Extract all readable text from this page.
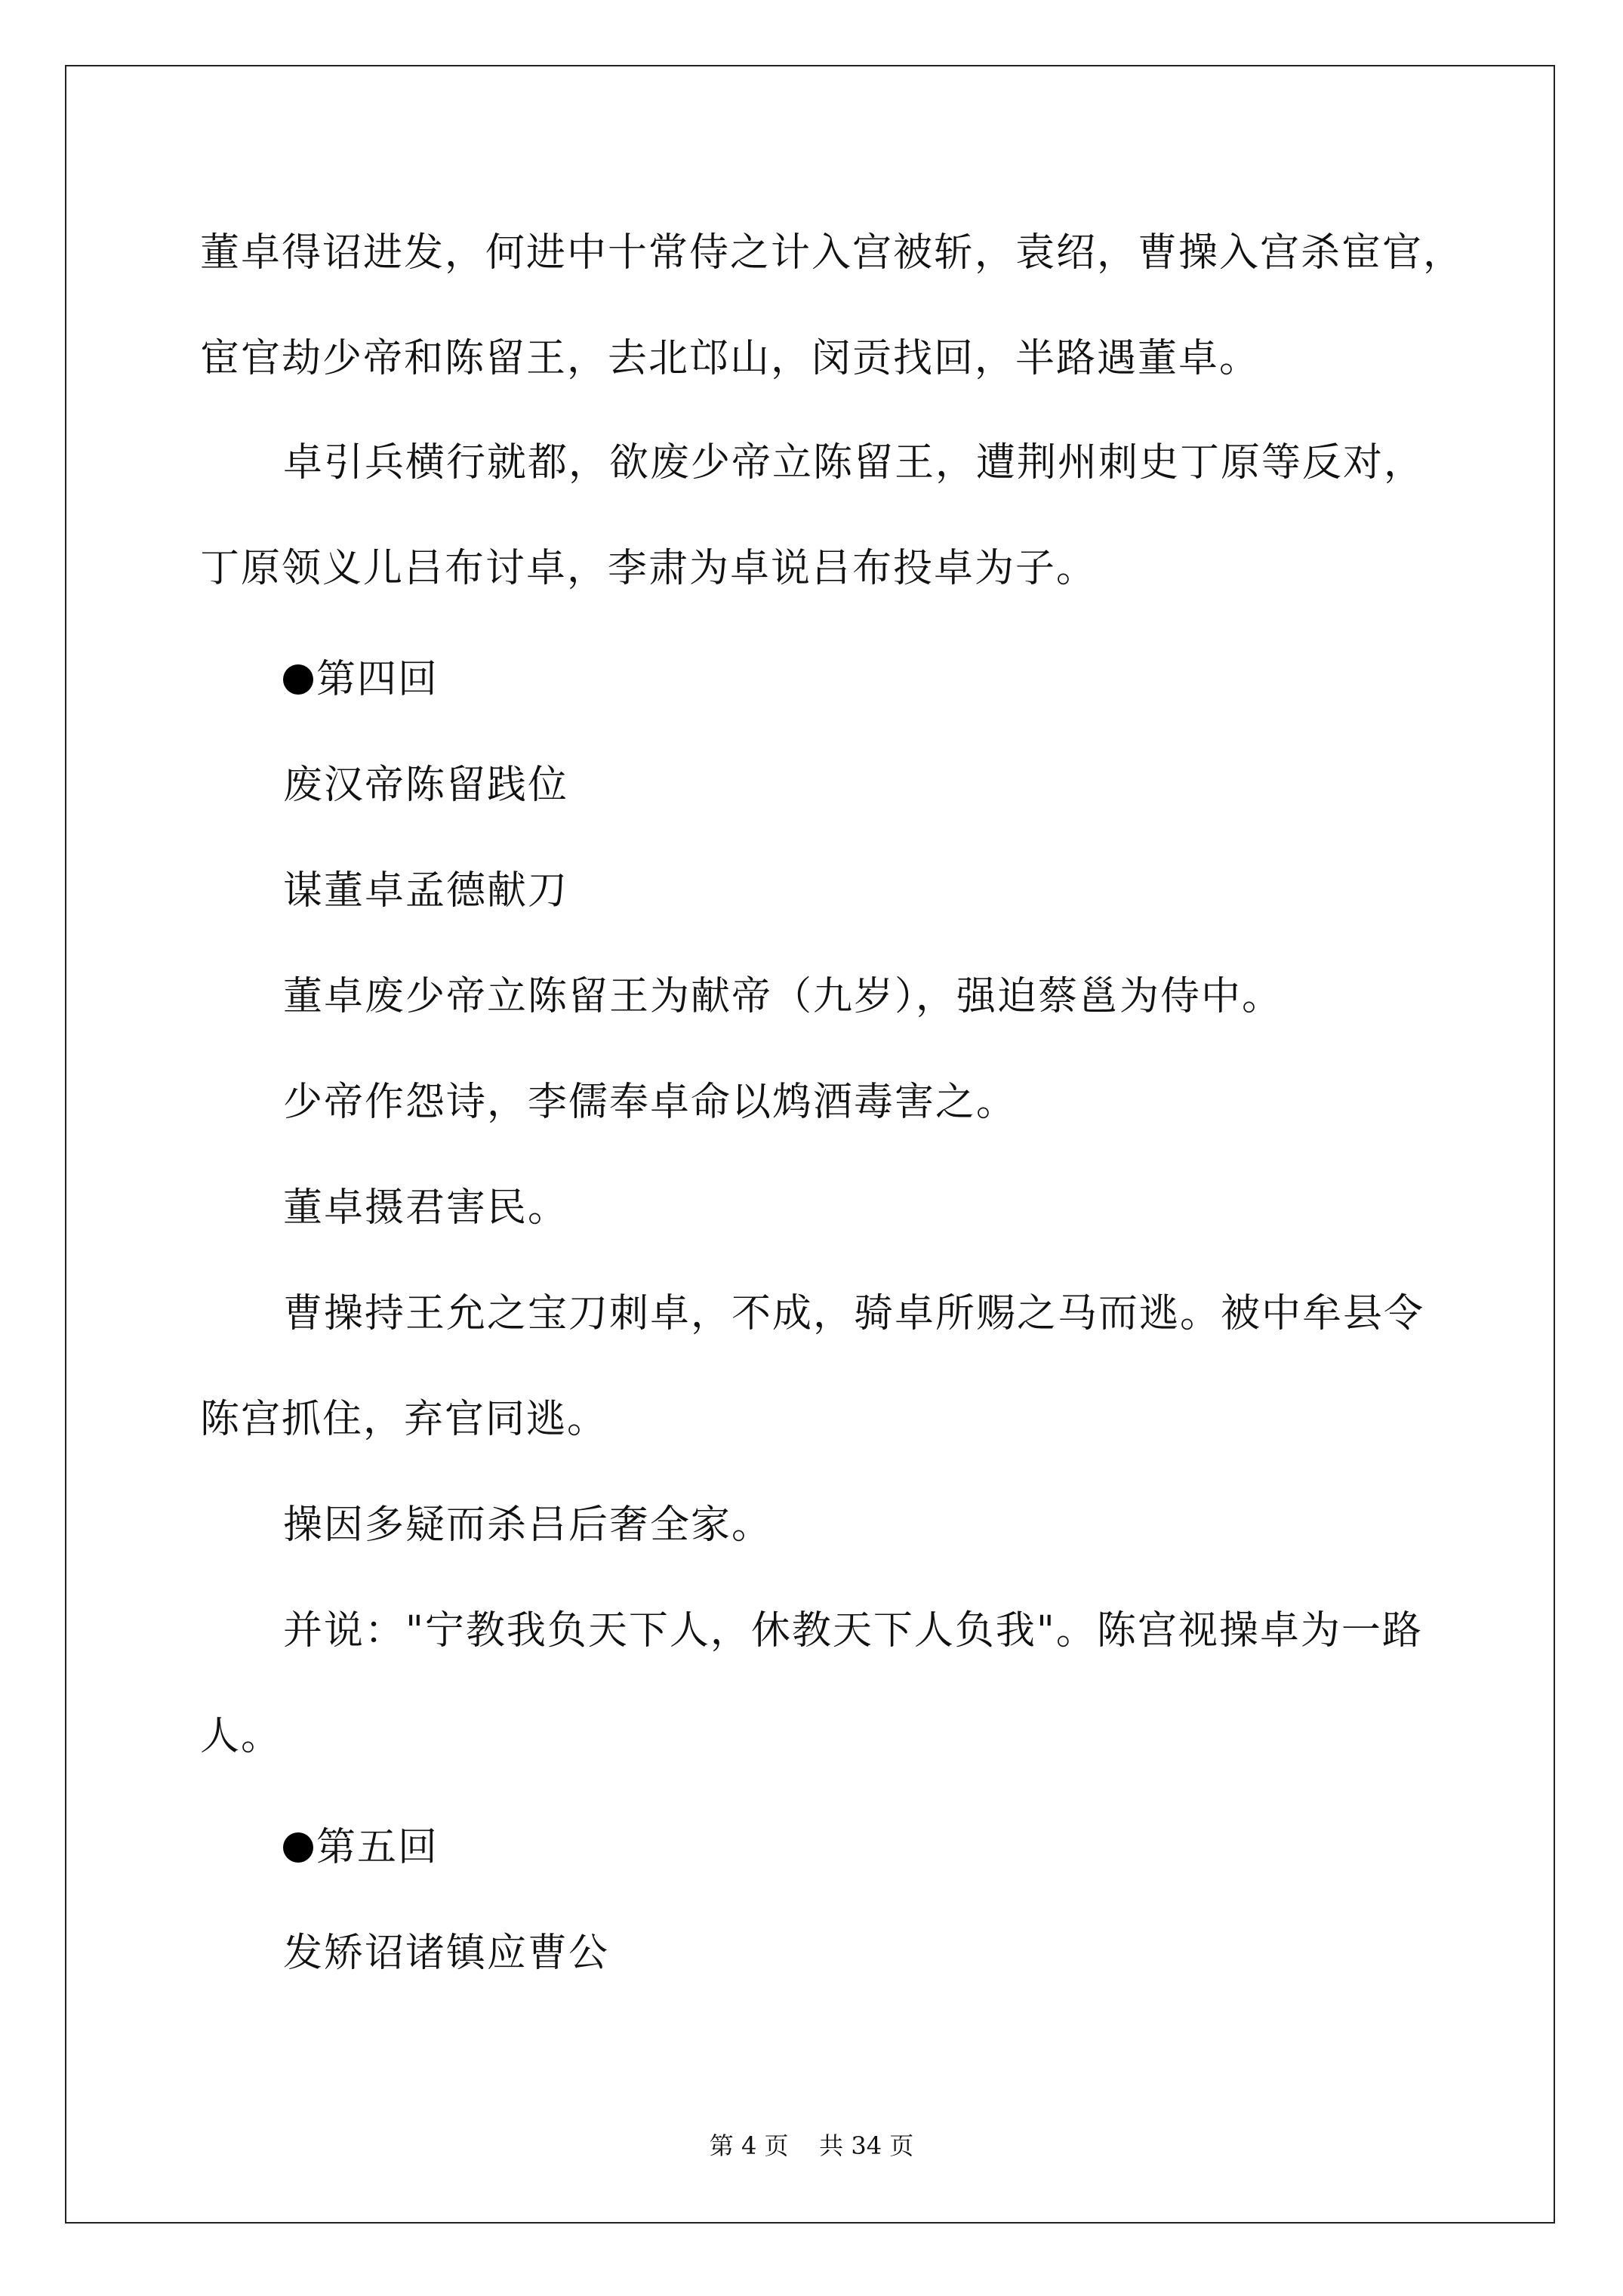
董卓得诏进发，何进中十常侍之计入宫被斩，袁绍，曹操入宫杀宦官，
宦官劫少帝和陈留王，去北邙山，闵贡找回，半路遇董卓。
卓引兵横行就都，欲废少帝立陈留王，遭荆州刺史丁原等反对，
丁原领义儿吕布讨卓，李肃为卓说吕布投卓为子。
第四回
废汉帝陈留践位
谋董卓孟德献刀
董卓废少帝立陈留王为献帝（九岁），强迫蔡邕为侍中。
少帝作怨诗，李儒奉卓命以鸩酒毒害之。
董卓摄君害民。
曹操持王允之宝刀刺卓，不成，骑卓所赐之马而逃。被中牟县令
陈宫抓住，弃官同逃。
操因多疑而杀吕后奢全家。
并说："宁教我负天下人，休教天下人负我"。陈宫视操卓为一路
人。
第五回
发矫诏诸镇应曹公
第 4 页    共 34 页
